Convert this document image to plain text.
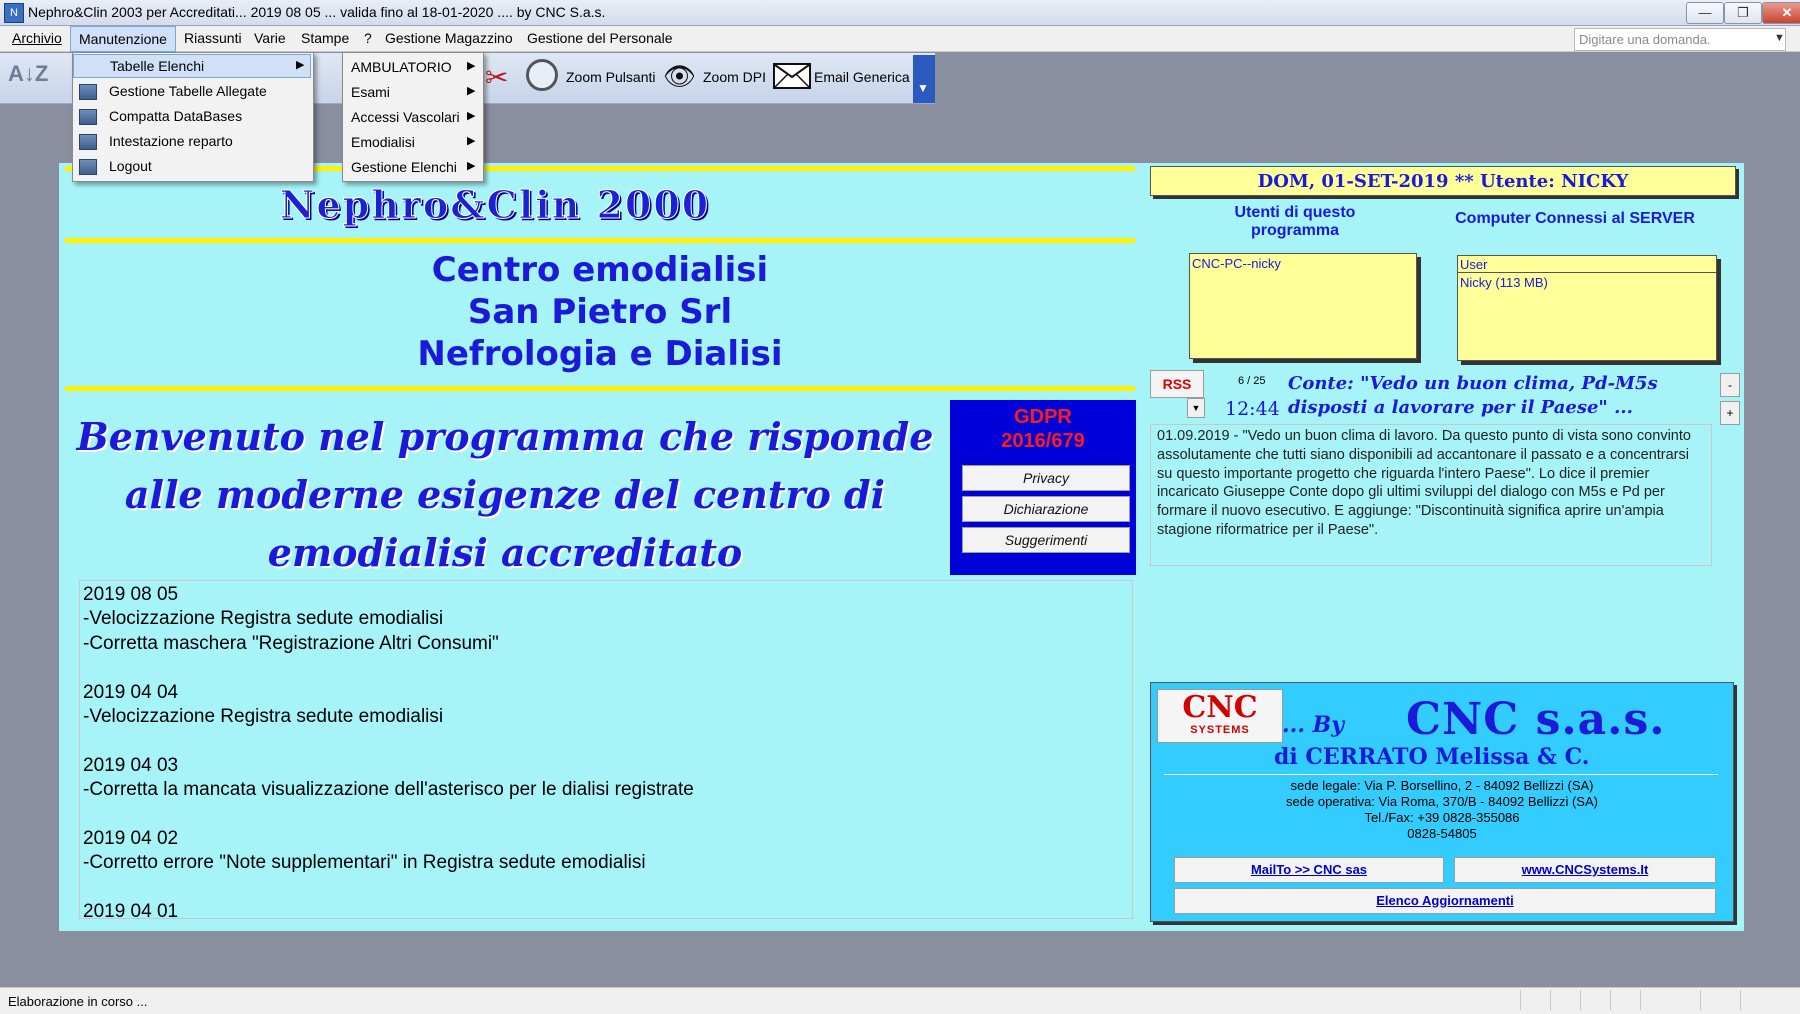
N Nephro&Clin 2003 per Accreditati... 2019 08 05 ... valida fino al 18-01-2020 .... by CNC S.a.s.	—	❐	✕
Archivio	Manutenzione	Riassunti Varie Stampe ? Gestione Magazzino Gestione del Personale	Digitare una domanda.	▼
A↓Z	✂	Zoom Pulsanti 👁 Zoom DPI	Email Generica
▼
Nephro&Clin 2000
Centro emodialisi
San Pietro Srl
Nefrologia e Dialisi
Benvenuto nel programma che risponde alle moderne esigenze del centro di emodialisi accreditato
GDPR
2016/679
Privacy
Dichiarazione
Suggerimenti
2019 08 05
-Velocizzazione Registra sedute emodialisi
-Corretta maschera "Registrazione Altri Consumi"
2019 04 04
-Velocizzazione Registra sedute emodialisi
2019 04 03
-Corretta la mancata visualizzazione dell'asterisco per le dialisi registrate
2019 04 02
-Corretto errore "Note supplementari" in Registra sedute emodialisi
2019 04 01
DOM, 01-SET-2019 ** Utente: NICKY
Utenti di questo programma
Computer Connessi al SERVER
CNC-PC--nicky	User
Nicky (113 MB)
RSS
▼
6 / 25
12:44
Conte: "Vedo un buon clima, Pd-M5s disposti a lavorare per il Paese" ...
-
+
01.09.2019 - "Vedo un buon clima di lavoro. Da questo punto di vista sono convinto assolutamente che tutti siano disponibili ad accantonare il passato e a concentrarsi su questo importante progetto che riguarda l'intero Paese". Lo dice il premier incaricato Giuseppe Conte dopo gli ultimi sviluppi del dialogo con M5s e Pd per formare il nuovo esecutivo. E aggiunge: "Discontinuità significa aprire un'ampia stagione riformatrice per il Paese".
CNC
SYSTEMS	... By CNC s.a.s.
di CERRATO Melissa & C.
sede legale: Via P. Borsellino, 2 - 84092 Bellizzi (SA)
sede operativa: Via Roma, 370/B - 84092 Bellizzi (SA)
Tel./Fax: +39 0828-355086
0828-54805
MailTo >> CNC sas	www.CNCSystems.It
Elenco Aggiornamenti
Tabelle Elenchi	▶
Gestione Tabelle Allegate
Compatta DataBases
Intestazione reparto
Logout
AMBULATORIO ▶
Esami	▶
Accessi Vascolari ▶
Emodialisi	▶
Gestione Elenchi ▶
Elaborazione in corso ...
